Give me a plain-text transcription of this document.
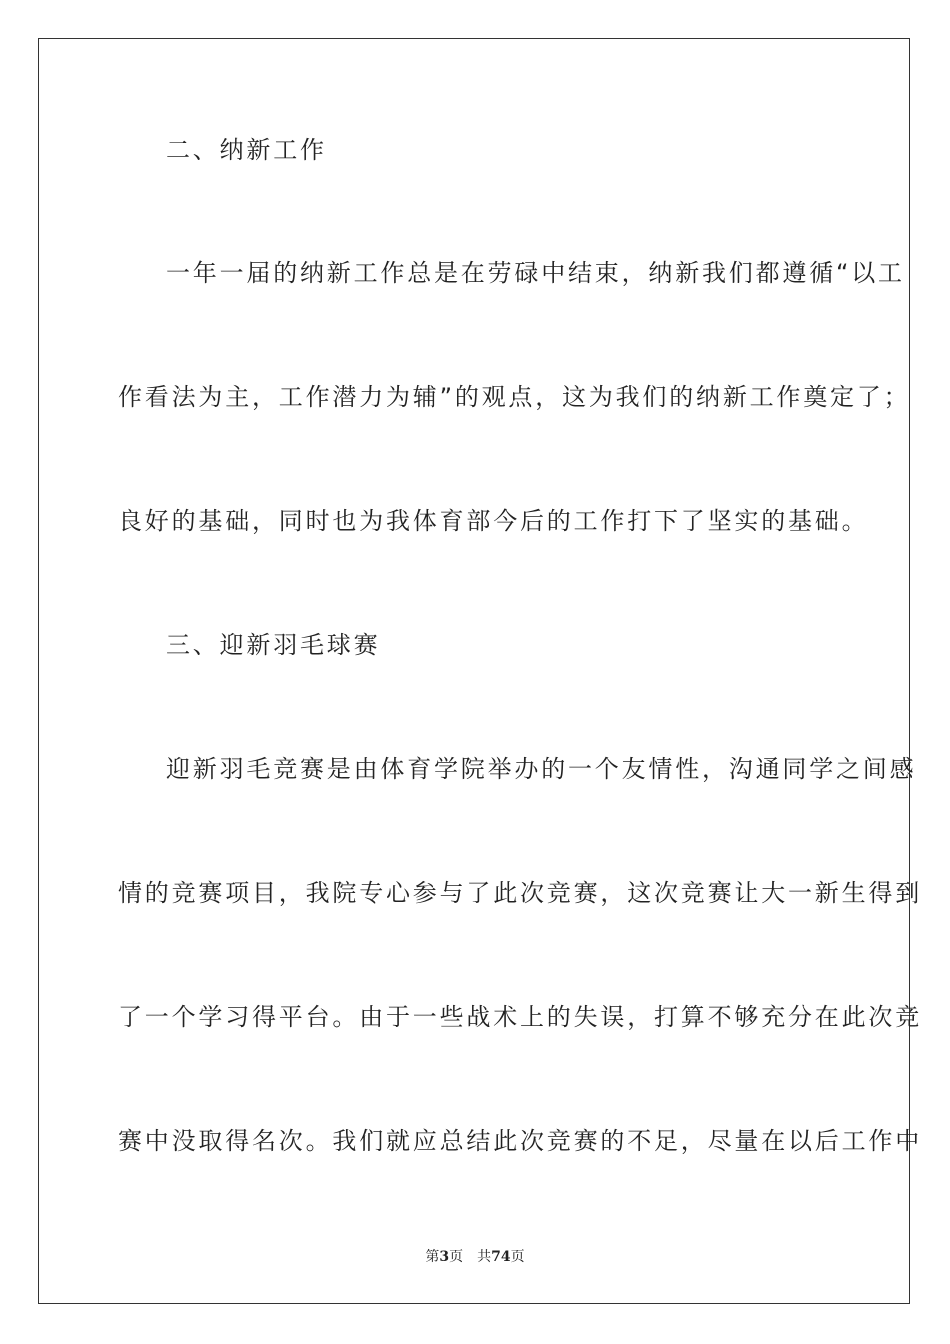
二、纳新工作
一年一届的纳新工作总是在劳碌中结束，纳新我们都遵循“以工
作看法为主，工作潜力为辅”的观点，这为我们的纳新工作奠定了；
良好的基础，同时也为我体育部今后的工作打下了坚实的基础。
三、迎新羽毛球赛
迎新羽毛竞赛是由体育学院举办的一个友情性，沟通同学之间感
情的竞赛项目，我院专心参与了此次竞赛，这次竞赛让大一新生得到
了一个学习得平台。由于一些战术上的失误，打算不够充分在此次竞
赛中没取得名次。我们就应总结此次竞赛的不足，尽量在以后工作中
第3页 共74页
